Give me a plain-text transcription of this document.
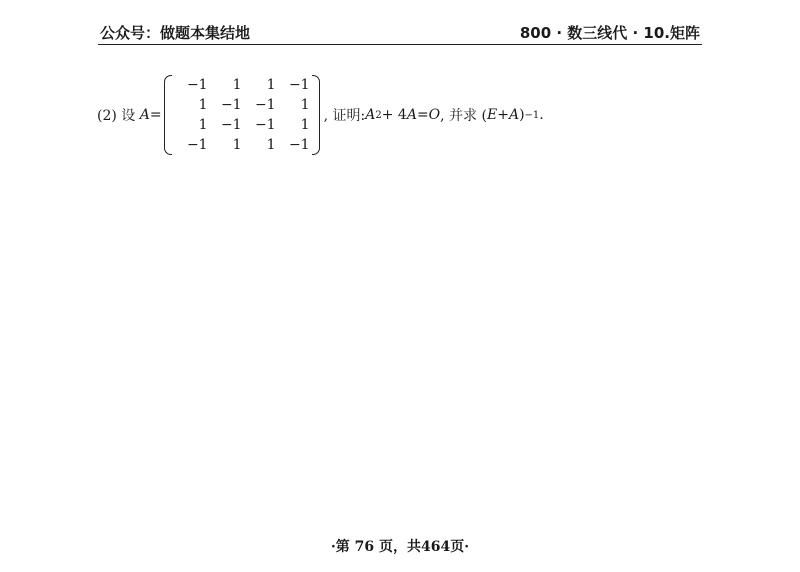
公众号：做题本集结地	800 · 数三线代 · 10.矩阵
(2) 设
A =
−1	1	1	−1
1	−1	−1	1
1	−1	−1	1
−1	1	1	−1
, 证明: A 2 + 4 A = O , 并求 ( E + A ) −1 .
·第 76 页，共464页·
